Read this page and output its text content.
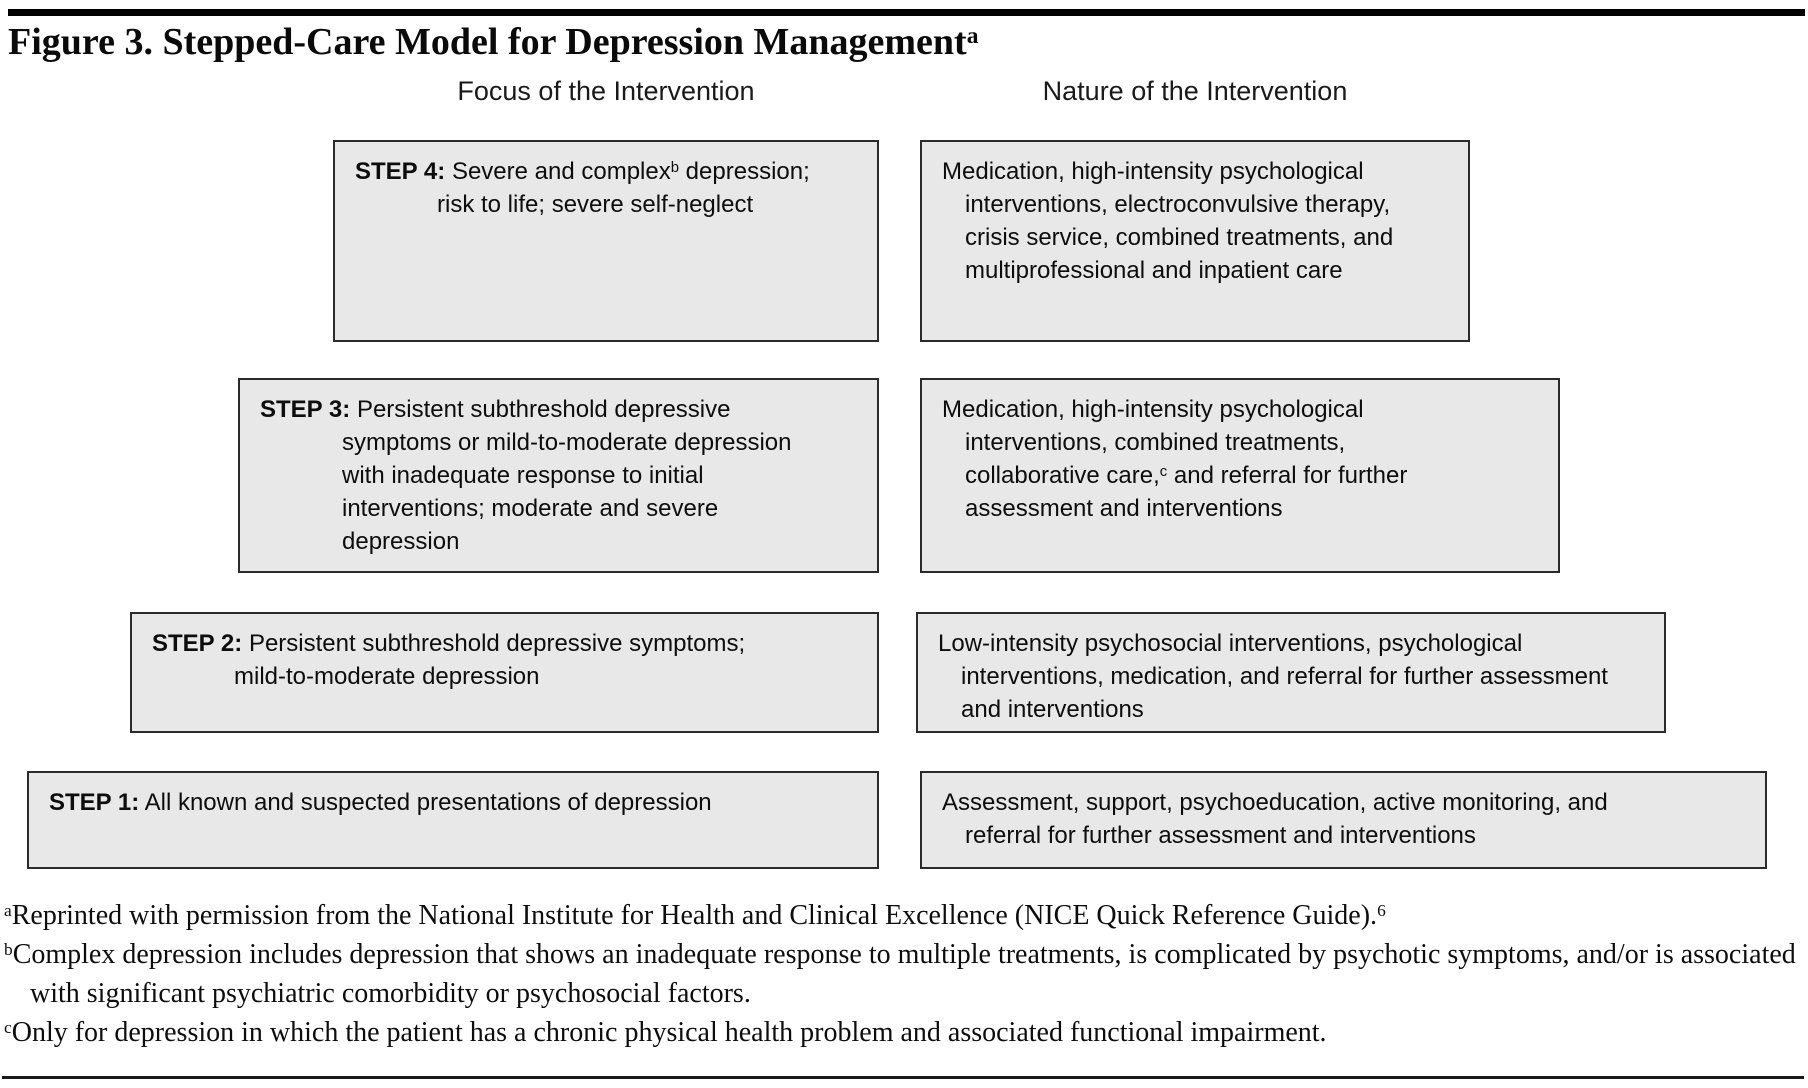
Figure 3. Stepped-Care Model for Depression Management$^a$
Focus of the Intervention	Nature of the Intervention

STEP 4: Severe and complex$^b$ depression; risk to life; severe self-neglect

Medication, high-intensity psychological interventions, electroconvulsive therapy, crisis service, combined treatments, and multiprofessional and inpatient care

STEP 3: Persistent subthreshold depressive symptoms or mild-to-moderate depression with inadequate response to initial interventions; moderate and severe depression

Medication, high-intensity psychological interventions, combined treatments, collaborative care,$^c$ and referral for further assessment and interventions

STEP 2: Persistent subthreshold depressive symptoms; mild-to-moderate depression

Low-intensity psychosocial interventions, psychological interventions, medication, and referral for further assessment and interventions

STEP 1: All known and suspected presentations of depression	Assessment, support, psychoeducation, active monitoring, and referral for further assessment and interventions

$^a$Reprinted with permission from the National Institute for Health and Clinical Excellence (NICE Quick Reference Guide).$^6$

$^b$Complex depression includes depression that shows an inadequate response to multiple treatments, is complicated by psychotic symptoms, and/or is associated with significant psychiatric comorbidity or psychosocial factors.

$^c$Only for depression in which the patient has a chronic physical health problem and associated functional impairment.
